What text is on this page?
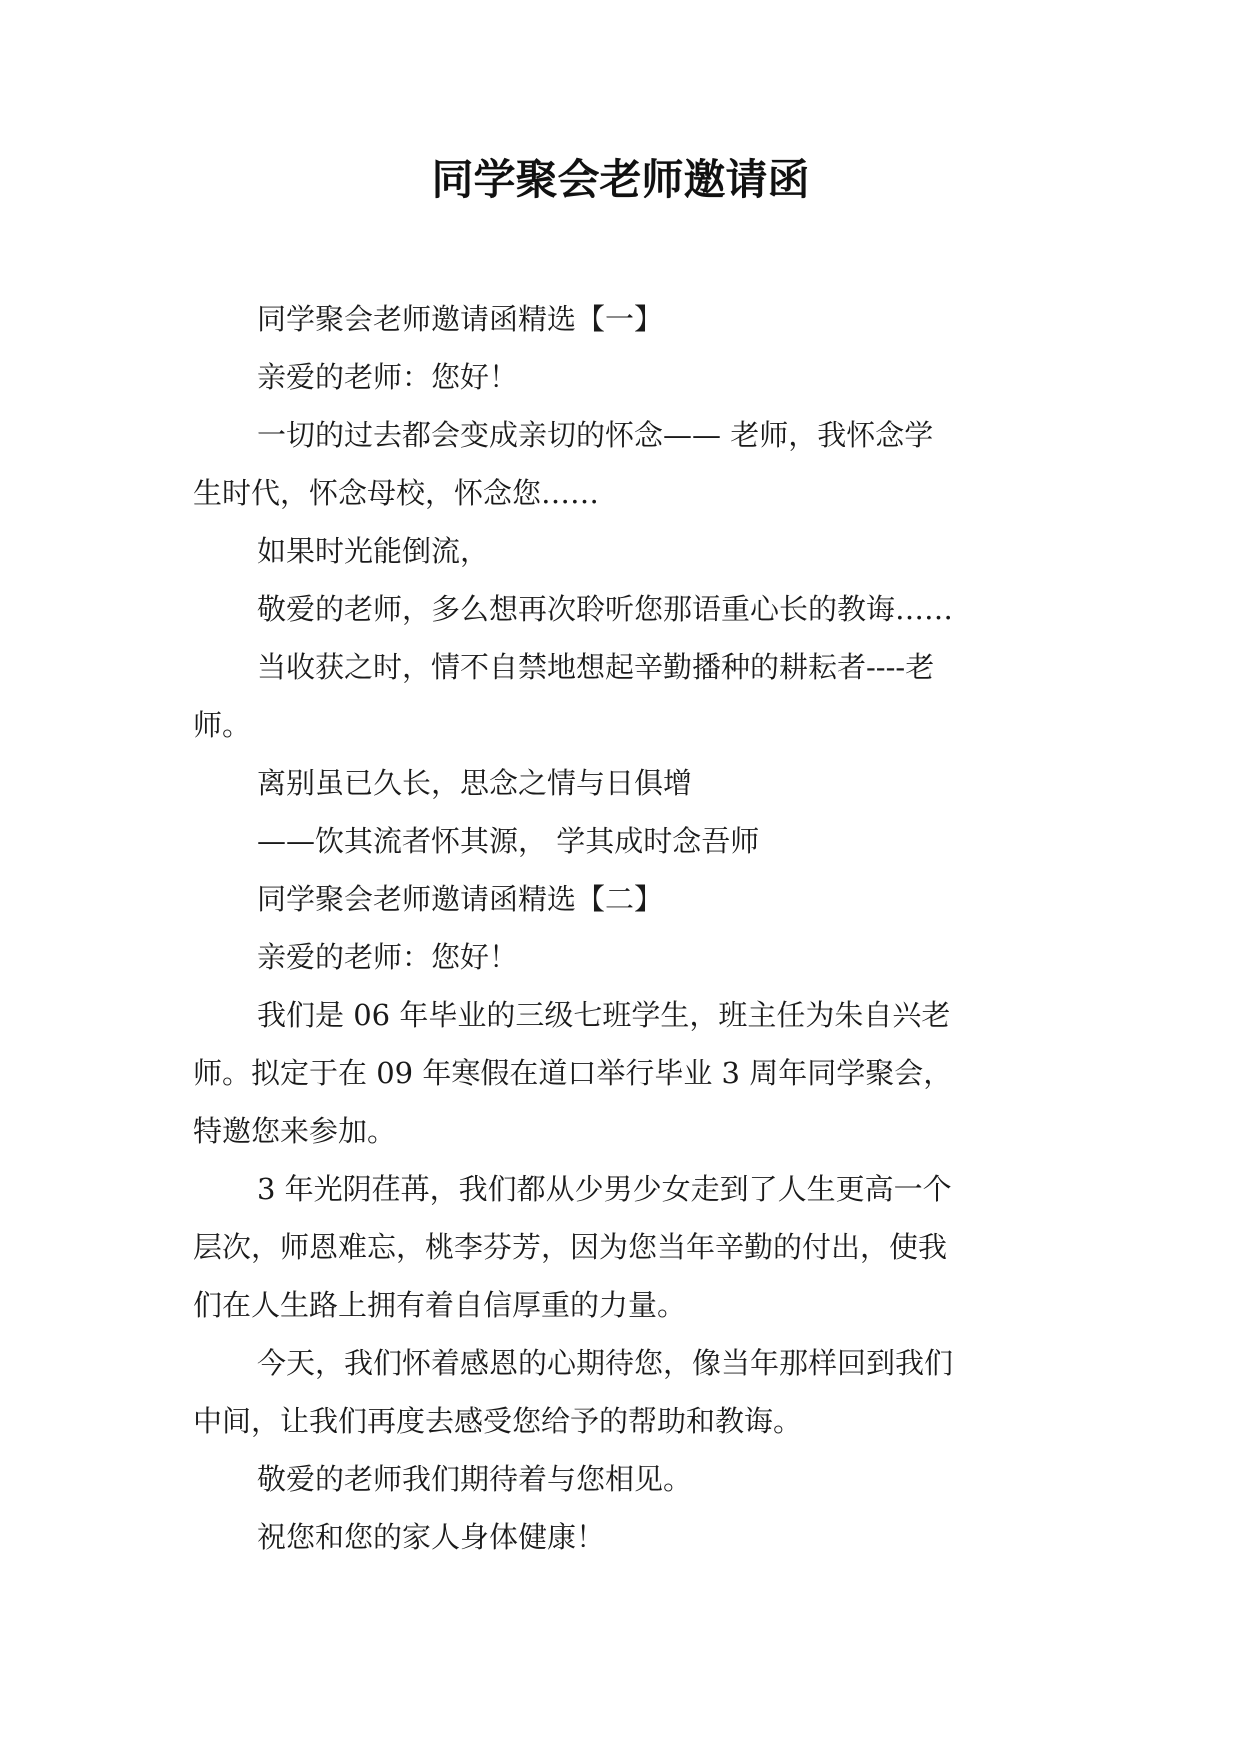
同学聚会老师邀请函
同学聚会老师邀请函精选【一】
亲爱的老师：您好！
一切的过去都会变成亲切的怀念—— 老师，我怀念学
生时代，怀念母校，怀念您……
如果时光能倒流，
敬爱的老师，多么想再次聆听您那语重心长的教诲……
当收获之时，情不自禁地想起辛勤播种的耕耘者----老
师。
离别虽已久长，思念之情与日俱增
——饮其流者怀其源， 学其成时念吾师
同学聚会老师邀请函精选【二】
亲爱的老师：您好！
我们是 06 年毕业的三级七班学生，班主任为朱自兴老
师。拟定于在 09 年寒假在道口举行毕业 3 周年同学聚会，
特邀您来参加。
3 年光阴荏苒，我们都从少男少女走到了人生更高一个
层次，师恩难忘，桃李芬芳，因为您当年辛勤的付出，使我
们在人生路上拥有着自信厚重的力量。
今天，我们怀着感恩的心期待您，像当年那样回到我们
中间，让我们再度去感受您给予的帮助和教诲。
敬爱的老师我们期待着与您相见。
祝您和您的家人身体健康！
